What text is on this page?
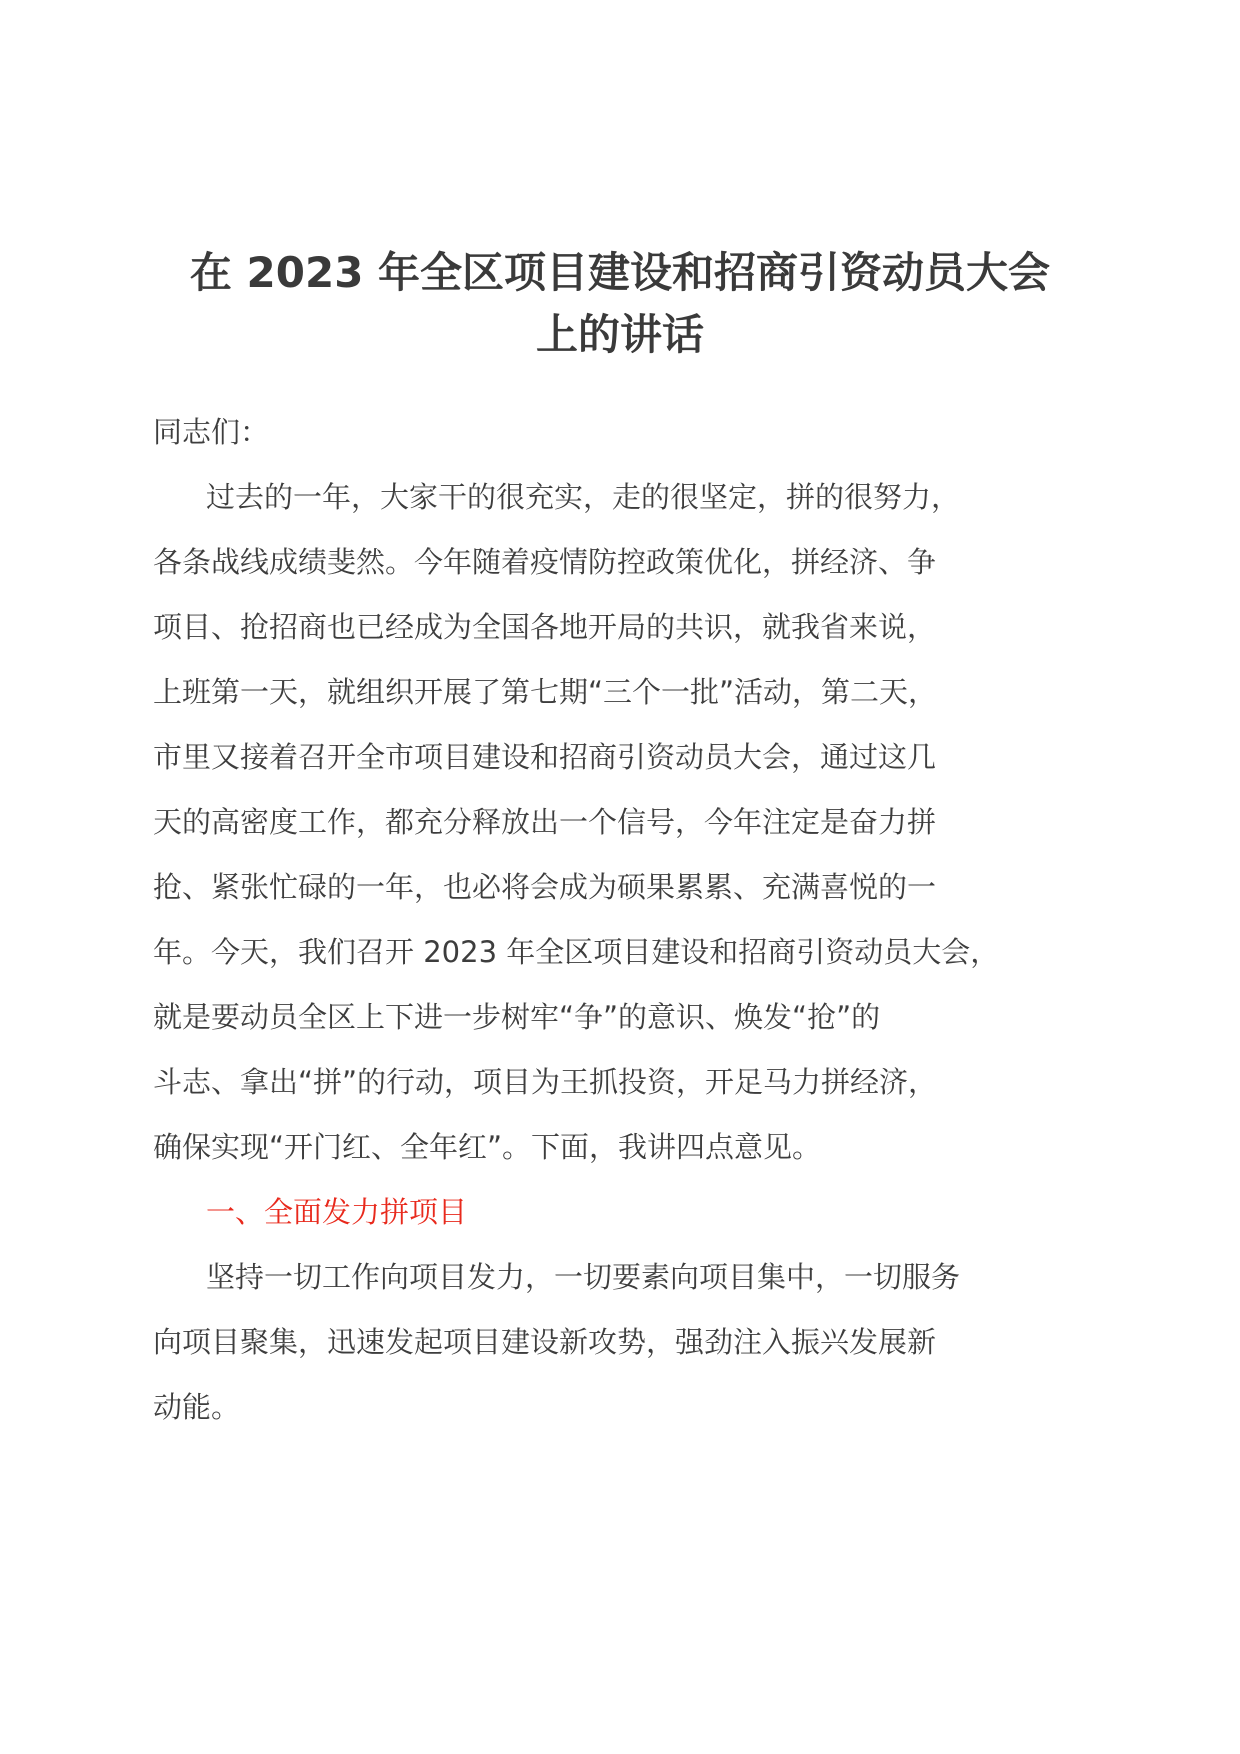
在 2023 年全区项目建设和招商引资动员大会
上的讲话
同志们：
过去的一年，大家干的很充实，走的很坚定，拼的很努力，
各条战线成绩斐然。今年随着疫情防控政策优化，拼经济、争
项目、抢招商也已经成为全国各地开局的共识，就我省来说，
上班第一天，就组织开展了第七期“三个一批”活动，第二天，
市里又接着召开全市项目建设和招商引资动员大会，通过这几
天的高密度工作，都充分释放出一个信号，今年注定是奋力拼
抢、紧张忙碌的一年，也必将会成为硕果累累、充满喜悦的一
年。今天，我们召开 2023 年全区项目建设和招商引资动员大会，
就是要动员全区上下进一步树牢“争”的意识、焕发“抢”的
斗志、拿出“拼”的行动，项目为王抓投资，开足马力拼经济，
确保实现“开门红、全年红”。下面，我讲四点意见。
一、全面发力拼项目
坚持一切工作向项目发力，一切要素向项目集中，一切服务
向项目聚集，迅速发起项目建设新攻势，强劲注入振兴发展新
动能。
